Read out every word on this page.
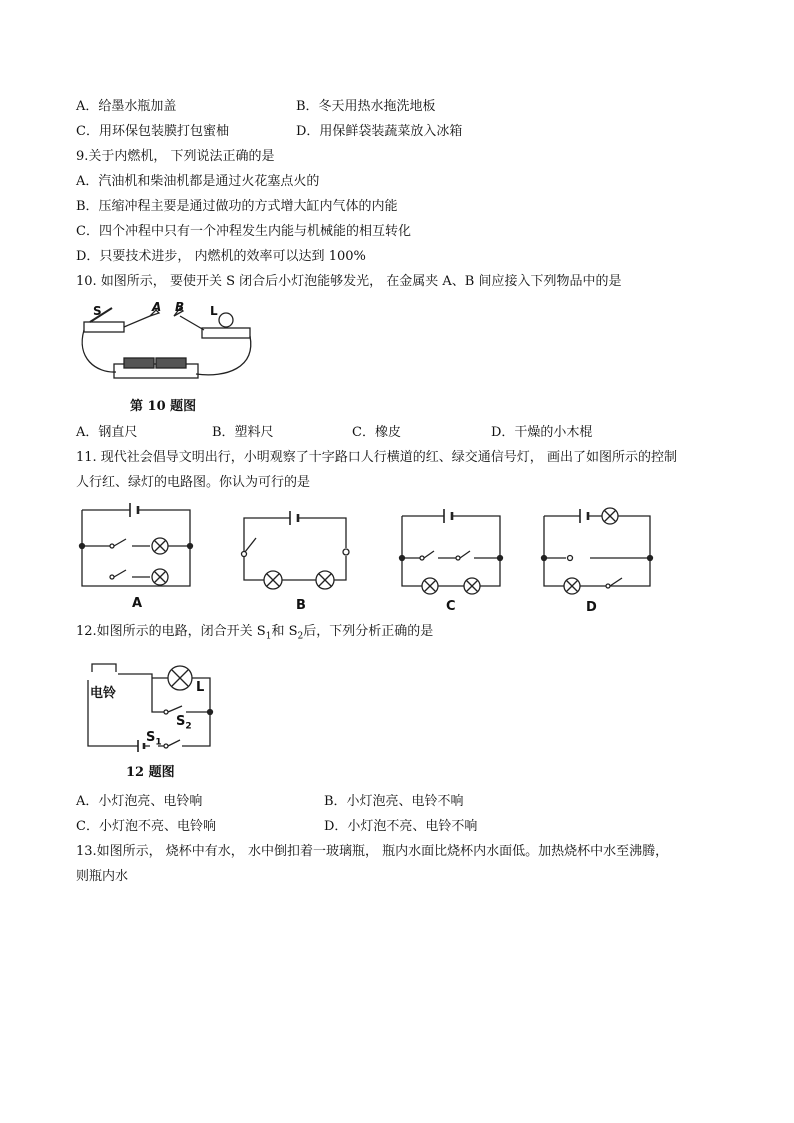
A．给墨水瓶加盖	B．冬天用热水拖洗地板
C．用环保包装膜打包蜜柚	D．用保鲜袋装蔬菜放入冰箱
9.关于内燃机， 下列说法正确的是
A．汽油机和柴油机都是通过火花塞点火的
B．压缩冲程主要是通过做功的方式增大缸内气体的内能
C．四个冲程中只有一个冲程发生内能与机械能的相互转化
D．只要技术进步， 内燃机的效率可以达到 100%
10. 如图所示， 要使开关 S 闭合后小灯泡能够发光， 在金属夹 A、B 间应接入下列物品中的是
S	A B L
第 10 题图
A．钢直尺	B．塑料尺	C．橡皮	D．干燥的小木棍
11. 现代社会倡导文明出行，小明观察了十字路口人行横道的红、绿交通信号灯， 画出了如图所示的控制
人行红、绿灯的电路图。你认为可行的是
A	B	C	D
12.如图所示的电路，闭合开关 $S_1$和 $S_2$后，下列分析正确的是
电铃	L
$S_2$
$S_1$
12 题图
A．小灯泡亮、电铃响	B．小灯泡亮、电铃不响
C．小灯泡不亮、电铃响	D．小灯泡不亮、电铃不响
13.如图所示， 烧杯中有水， 水中倒扣着一玻璃瓶， 瓶内水面比烧杯内水面低。加热烧杯中水至沸腾，
则瓶内水
